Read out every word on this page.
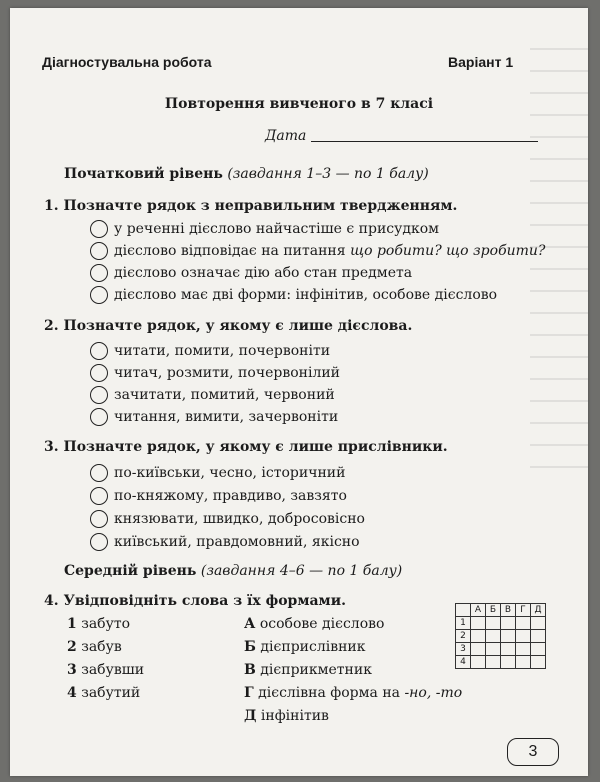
Діагностувальна робота	Варіант 1
Повторення вивченого в 7 класі
Дата
Початковий рівень (завдання 1–3 — по 1 балу)
1. Позначте рядок з неправильним твердженням.
у реченні дієслово найчастіше є присудком
дієслово відповідає на питання що робити? що зробити?
дієслово означає дію або стан предмета
дієслово має дві форми: інфінітив, особове дієслово
2. Позначте рядок, у якому є лише дієслова.
читати, помити, почервоніти
читач, розмити, почервонілий
зачитати, помитий, червоний
читання, вимити, зачервоніти
3. Позначте рядок, у якому є лише прислівники.
по-київськи, чесно, історичний
по-княжому, правдиво, завзято
князювати, швидко, доброcовісно
київський, правдомовний, якісно
Середній рівень (завдання 4–6 — по 1 балу)
4. Увідповідніть слова з їх формами.
1 забуто
2 забув
3 забувши
4 забутий
А особове дієслово
Б дієприслівник
В дієприкметник
Г дієслівна форма на -но, -то
Д інфінітив
	А	Б	В	Г	Д
1					
2					
3					
4					
3
